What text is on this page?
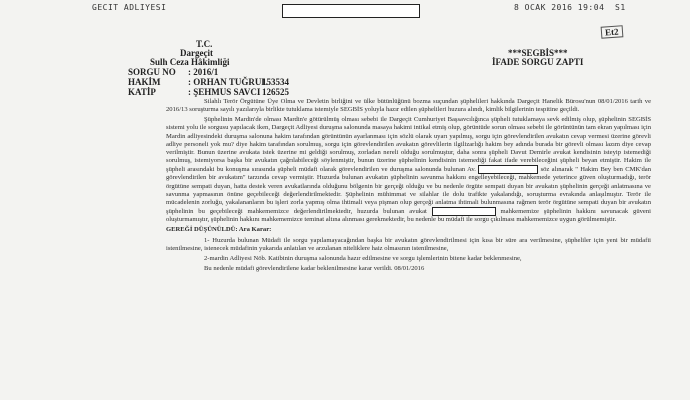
GECIT ADLIYESI	8 OCAK 2016 19:04 S1
Et2
T.C.
Dargeçit
Sulh Ceza Hâkimliği
***SEGBİS***
İFADE SORGU ZAPTI
SORGU NO : 2016/1
HAKİM	: ORHAN TUĞRUL153534
KATİP	: ŞEHMUS SAVCI 126525

Silahlı Terör Örgütüne Üye Olma ve Devletin birliğini ve ülke bütünlüğünü bozma suçundan şüphelileri hakkında Dargeçit Hanelik Bürosu'nun 08/01/2016 tarih ve 2016/13 soruşturma sayılı yazılarıyla birlikte tutuklama istemiyle SEGBİS yoluyla hazır edilen şüphelileri huzura alındı, kimlik bilgilerinin tespitine geçildi.

Şüphelinin Mardin'de olması Mardin'e götürülmüş olması sebebi ile Dargeçit Cumhuriyet Başsavcılığınca şüpheli tutuklamaya sevk edilmiş olup, şüphelinin SEGBİS sistemi yolu ile sorgusu yapılacak iken, Dargeçit Adliyesi duruşma salonunda masaya hakimi intikal etmiş olup, görüntüde sorun olması sebebi ile görüntünün tam ekran yapılması için Mardin adliyesindeki duruşma salonuna hakim tarafından görüntünün ayarlanması için sözlü olarak uyarı yapılmış, sorgu için görevlendirilen avukatın cevap vermesi üzerine görevli adliye personeli yok mu? diye hakim tarafından sorulmuş, sorgu için görevlendirilen avukatın görevlilerin ilgilizarlığı hakim bey adında burada bir görevli olması lazım diye cevap verilmiştir. Bunun üzerine avukata istek üzerine mi geldiği sorulmuş, zorladan nereli olduğu sorulmuştur, daha sonra şüpheli Davut Demirle avukat kendisinin isteyip istemediği sorulmuş, istemiyorsa başka bir avukatın çağrılabileceği söylenmiştir, bunun üzerine şüphelinin kendisinin istemediği fakat ifade verebileceğini şüpheli beyan etmiştir. Hakim ile şüpheli arasındaki bu konuşma sırasında şüpheli müdafi olarak görevlendirilen ve duruşma salonunda bulunan Av.	söz alınarak " Hakim Bey ben CMK'dan görevlendirilen bir avukatım" tarzında cevap vermiştir. Huzurda bulunan avukatın şüphelinin savunma hakkını engelleyebileceği, mahkemede yeterince güven oluşturmadığı, terör örgütüne sempati duyan, hatta destek veren avukatlarında olduğunu bölgenin bir gerçeği olduğu ve bu nedenle örgüte sempati duyan bir avukatın şüphelinin gerçeği anlatmasına ve savunma yapmasının önüne geçebileceği değerlendirilmektedir. Şüphelinin mühimmat ve silahlar ile dolu trafikte yakalandığı, soruşturma evrakında anlaşılmıştır. Terör ile mücadelenin zorluğu, yakalananların bu işleri zorla yapmış olma ihtimali veya pişman olup gerçeği anlatma ihtimali bulunmasına rağmen terör örgütüne sempati duyan bir avukatın şüphelinin bu geçebileceği mahkememizce değerlendirilmektedir, huzurda bulunan avukat	mahkememize şüphelinin hakkını savunacak güveni oluşturmamıştır, şüphelinin hakkını mahkememizce teminat altına alınması gerekmektedir, bu nedenle bu müdafi ile sorgu çıkılması mahkememizce uygun görülmemiştir.

GEREĞİ DÜŞÜNÜLDÜ: Ara Karar:

1- Huzurda bulunan Müdafi ile sorgu yapılamayacağından başka bir avukatın görevlendirilmesi için kısa bir süre ara verilmesine, şüpheliler için yeni bir müdafii istenilmesine, istenecek müdafinin yukarıda anlatılan ve arzulanan niteliklere haiz olmasının istenilmesine,

2-mardin Adliyesi Nöb. Katibinin duruşma salonunda hazır edilmesine ve sorgu işlemlerinin bitene kadar beklenmesine,

Bu nedenle müdafi görevlendirilene kadar beklenilmesine karar verildi. 08/01/2016
